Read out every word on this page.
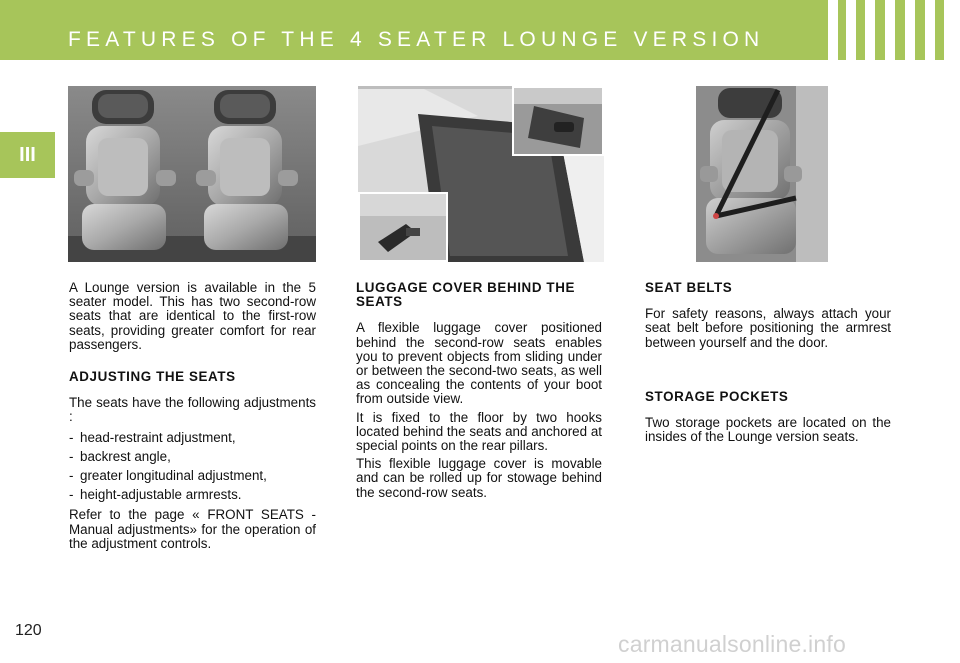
FEATURES OF THE 4 SEATER LOUNGE VERSION
III

A Lounge version is available in the 5 seater model. This has two second-row seats that are identical to the first-row seats, providing greater comfort for rear passengers.

ADJUSTING THE SEATS

The seats have the following adjustments :

- head-restraint adjustment,
- backrest angle,
- greater longitudinal adjustment,
- height-adjustable armrests.

Refer to the page « FRONT SEATS - Manual adjustments» for the operation of the adjustment controls.

LUGGAGE COVER BEHIND THE SEATS

A flexible luggage cover positioned behind the second-row seats enables you to prevent objects from sliding under or between the second-two seats, as well as concealing the contents of your boot from outside view.

It is fixed to the floor by two hooks located behind the seats and anchored at special points on the rear pillars.

This flexible luggage cover is movable and can be rolled up for stowage behind the second-row seats.

SEAT BELTS

For safety reasons, always attach your seat belt before positioning the armrest between yourself and the door.

STORAGE POCKETS

Two storage pockets are located on the insides of the Lounge version seats.

120
carmanualsonline.info
